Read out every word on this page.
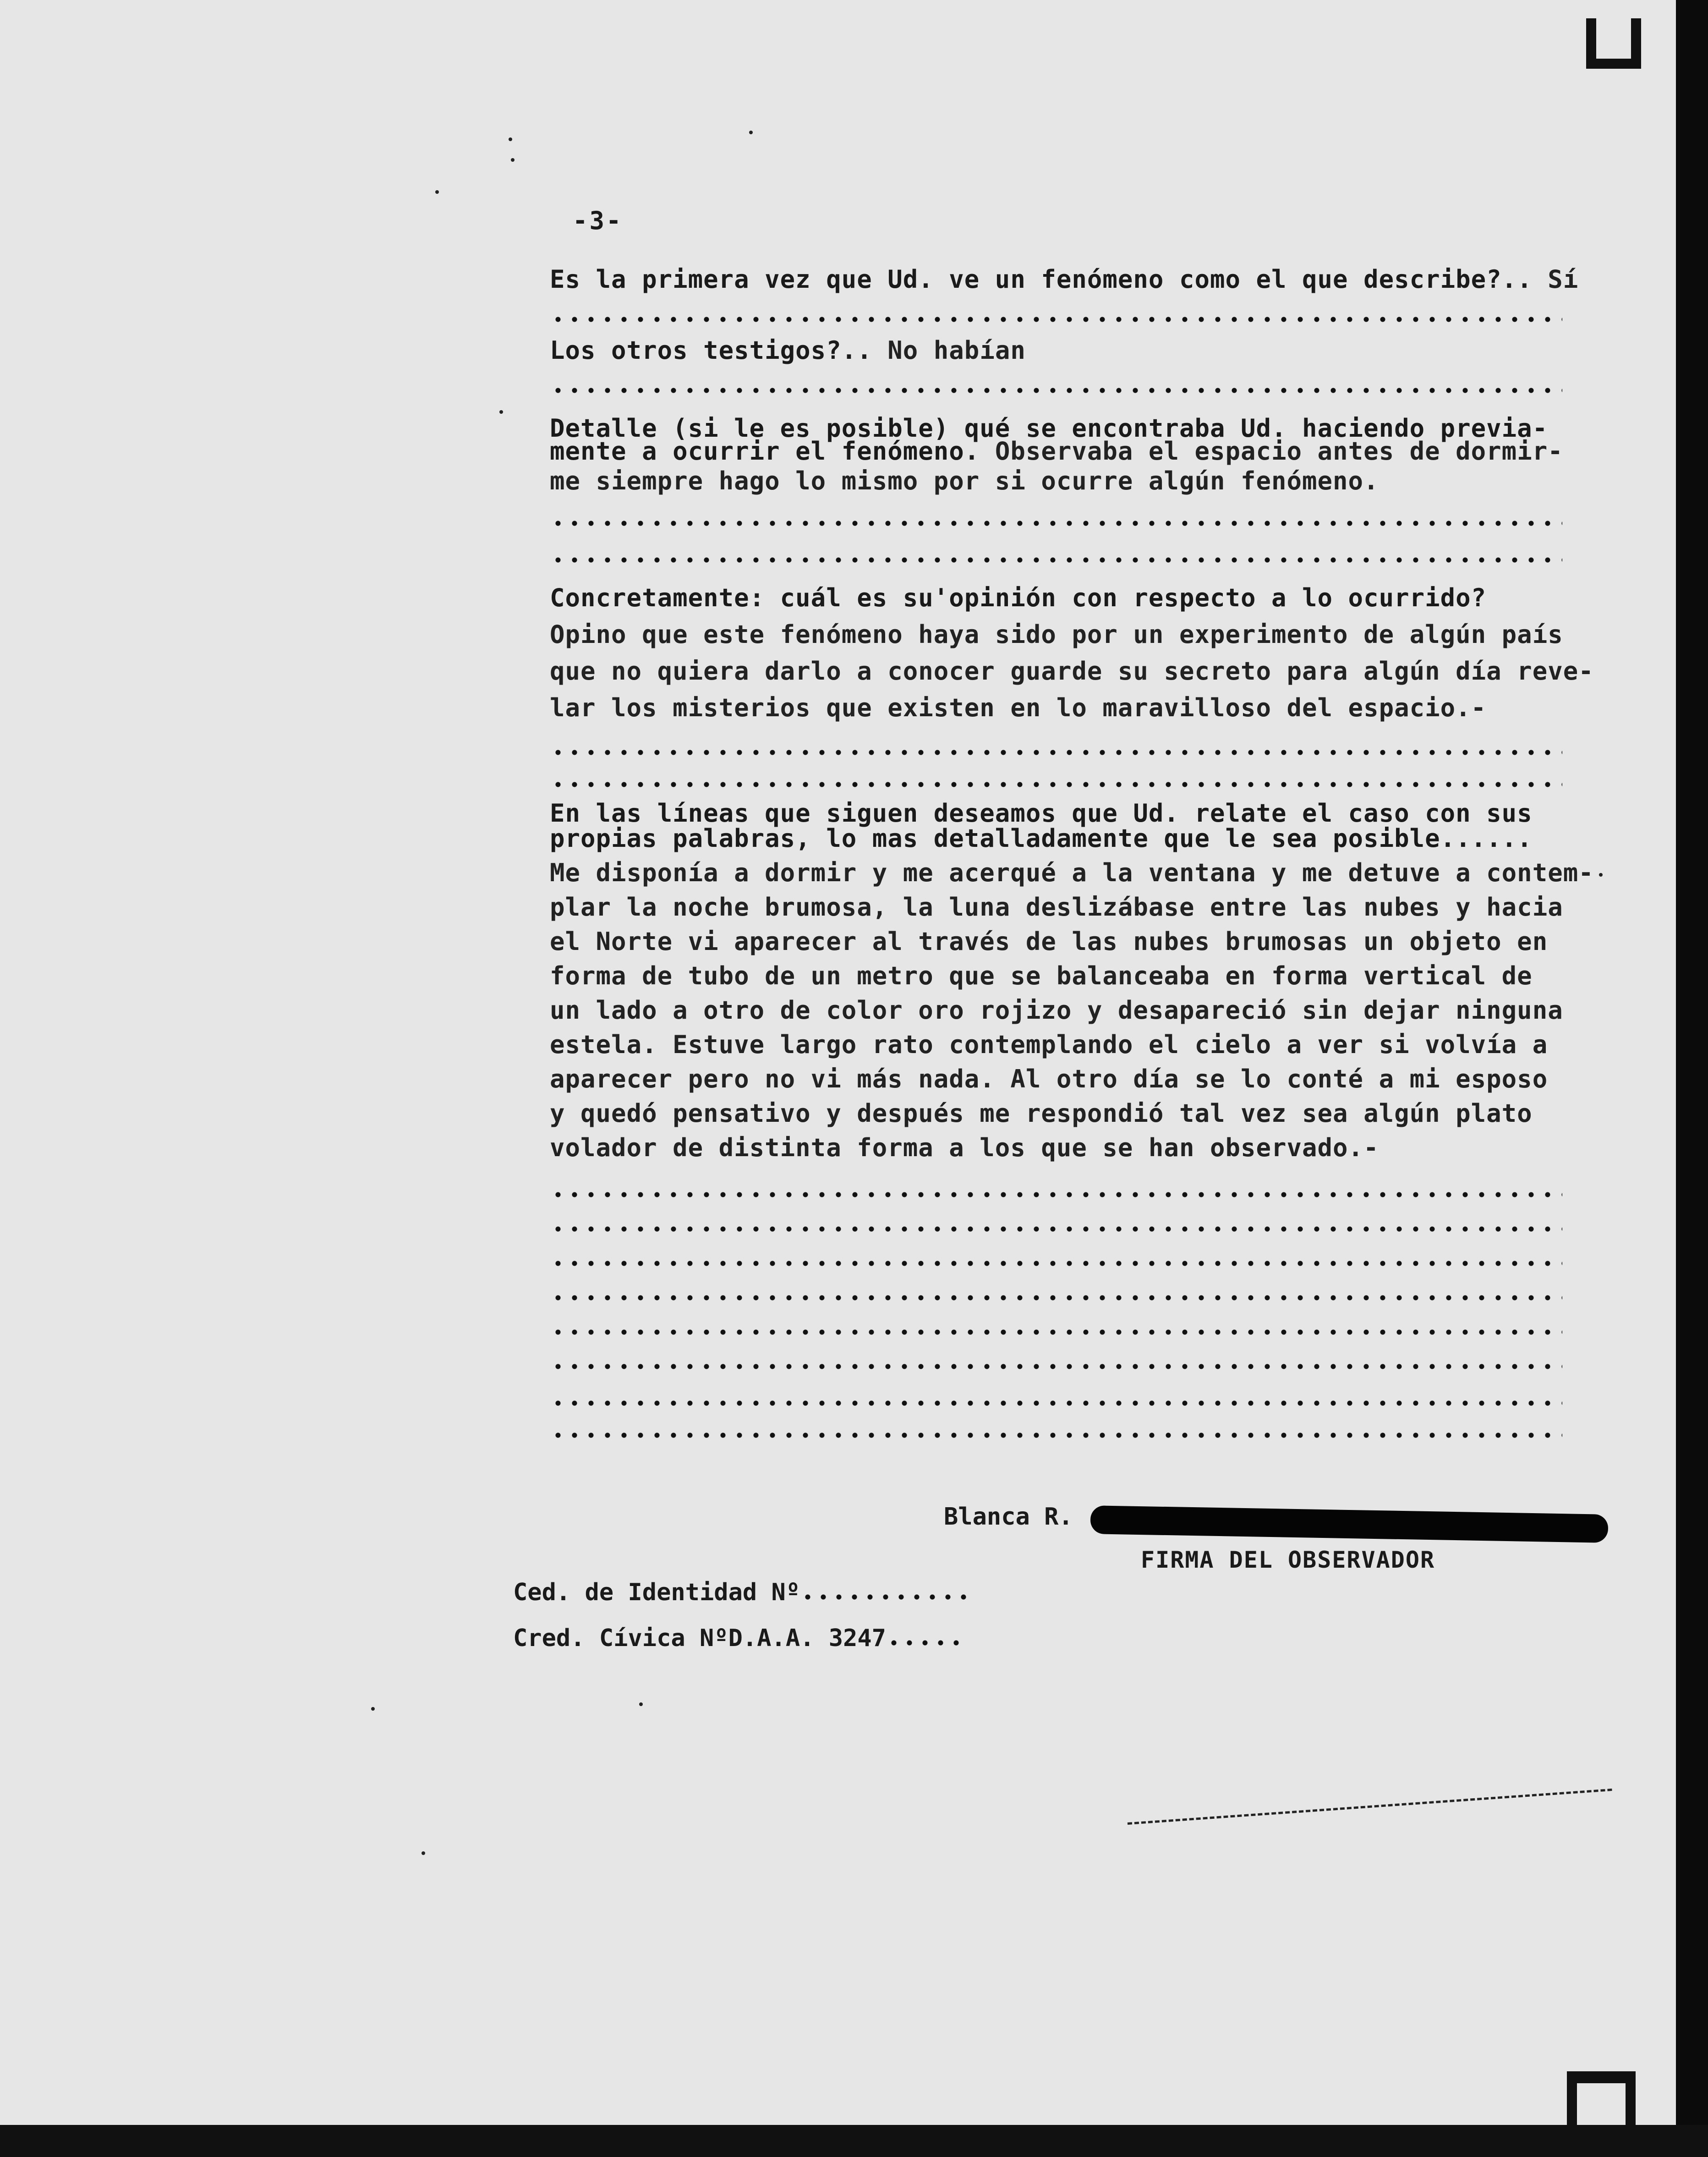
-3-
Es la primera vez que Ud. ve un fenómeno como el que describe?.. Sí
Los otros testigos?.. No habían
Detalle (si le es posible) qué se encontraba Ud. haciendo previa-
mente a ocurrir el fenómeno. Observaba el espacio antes de dormir-
me siempre hago lo mismo por si ocurre algún fenómeno.
Concretamente: cuál es su'opinión con respecto a lo ocurrido?
Opino que este fenómeno haya sido por un experimento de algún país
que no quiera darlo a conocer guarde su secreto para algún día reve-
lar los misterios que existen en lo maravilloso del espacio.-
En las líneas que siguen deseamos que Ud. relate el caso con sus
propias palabras, lo mas detalladamente que le sea posible......
Me disponía a dormir y me acerqué a la ventana y me detuve a contem-
plar la noche brumosa, la luna deslizábase entre las nubes y hacia
el Norte vi aparecer al través de las nubes brumosas un objeto en
forma de tubo de un metro que se balanceaba en forma vertical de
un lado a otro de color oro rojizo y desapareció sin dejar ninguna
estela. Estuve largo rato contemplando el cielo a ver si volvía a
aparecer pero no vi más nada. Al otro día se lo conté a mi esposo
y quedó pensativo y después me respondió tal vez sea algún plato
volador de distinta forma a los que se han observado.-
Blanca R.
FIRMA DEL OBSERVADOR
Ced. de Identidad Nº
Cred. Cívica NºD.A.A. 3247
